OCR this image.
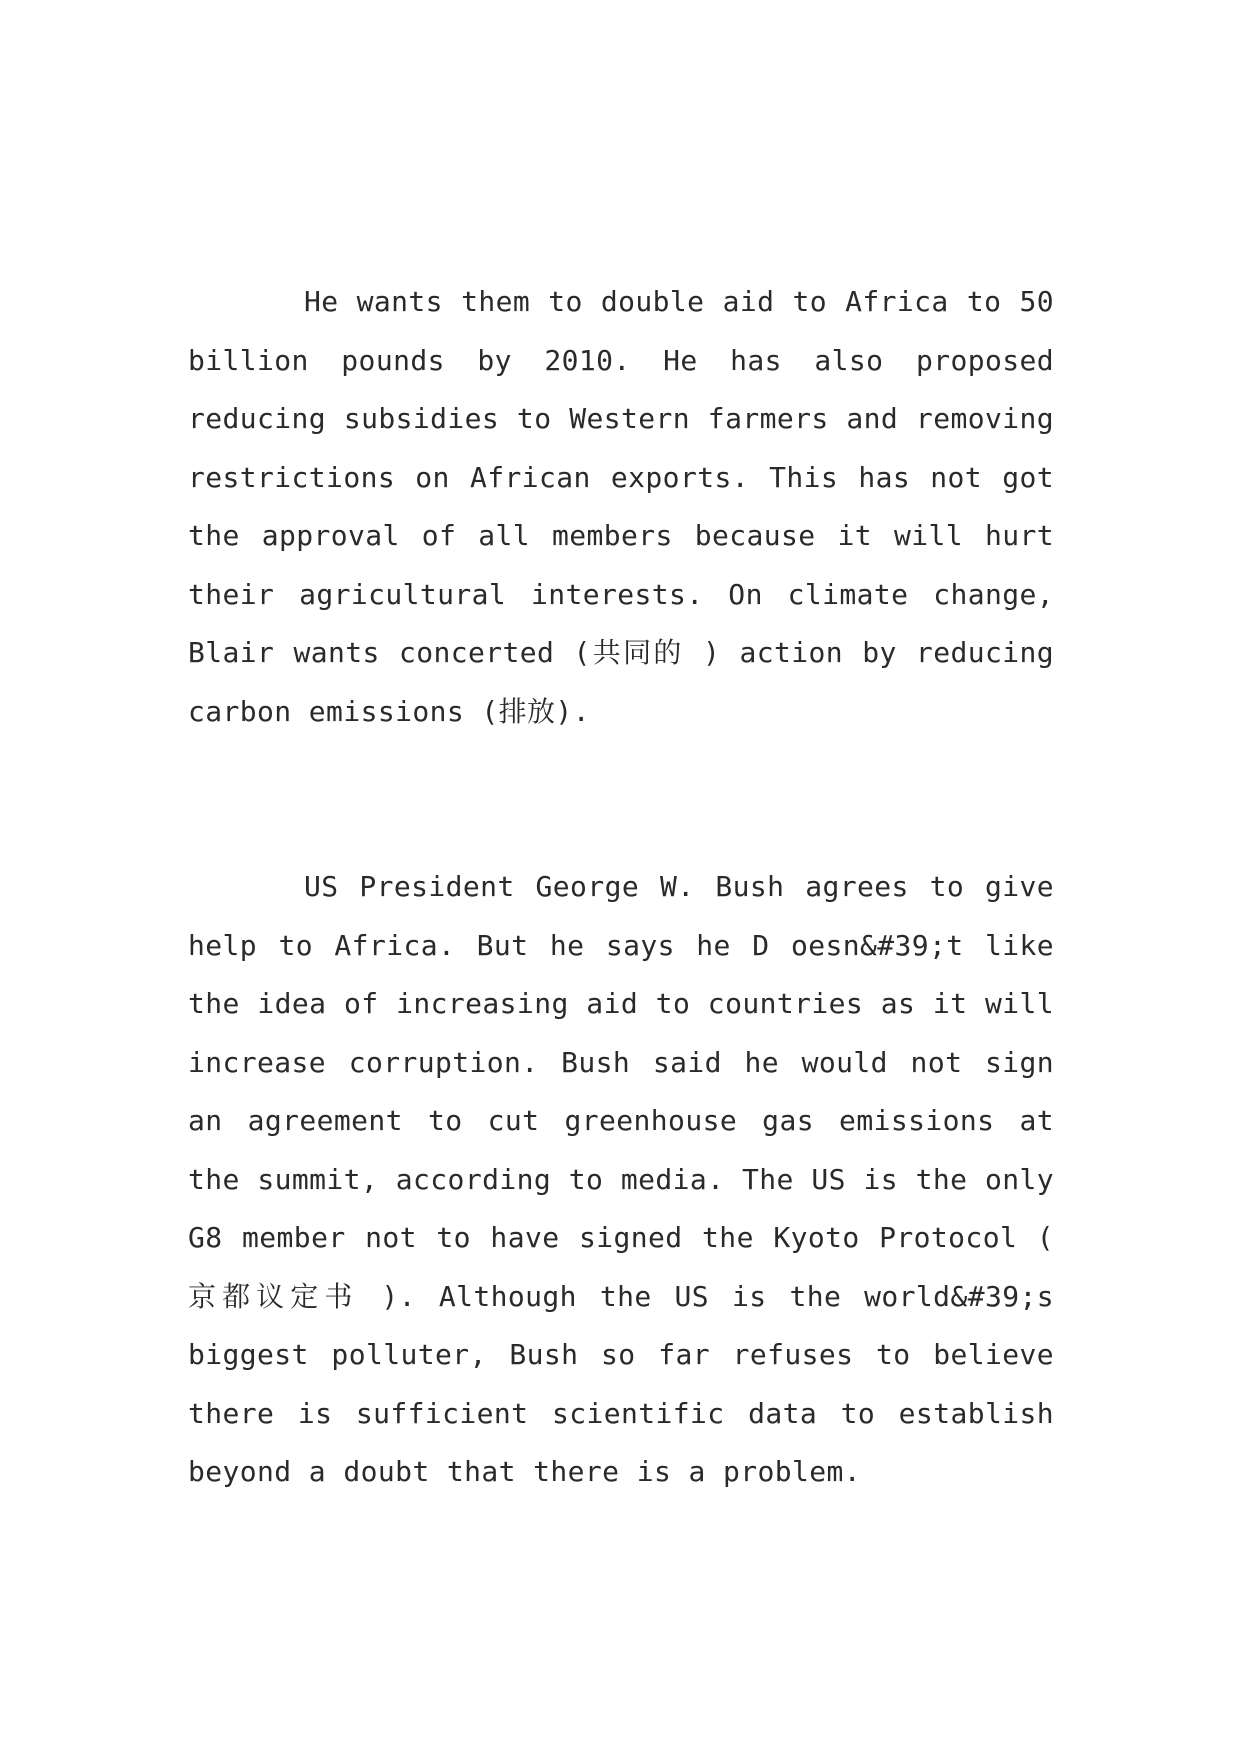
He wants them to double aid to Africa to 50 billion pounds by 2010. He has also proposed reducing subsidies to Western farmers and removing restrictions on African exports. This has not got the approval of all members because it will hurt their agricultural interests. On climate change, Blair wants concerted (共同的 ) action by reducing carbon emissions (排放).

US President George W. Bush agrees to give help to Africa. But he says he D oesn&#39;t like the idea of increasing aid to countries as it will increase corruption. Bush said he would not sign an agreement to cut greenhouse gas emissions at the summit, according to media. The US is the only G8 member not to have signed the Kyoto Protocol ( 京都议定书 ). Although the US is the world&#39;s biggest polluter, Bush so far refuses to believe there is sufficient scientific data to establish beyond a doubt that there is a problem.
